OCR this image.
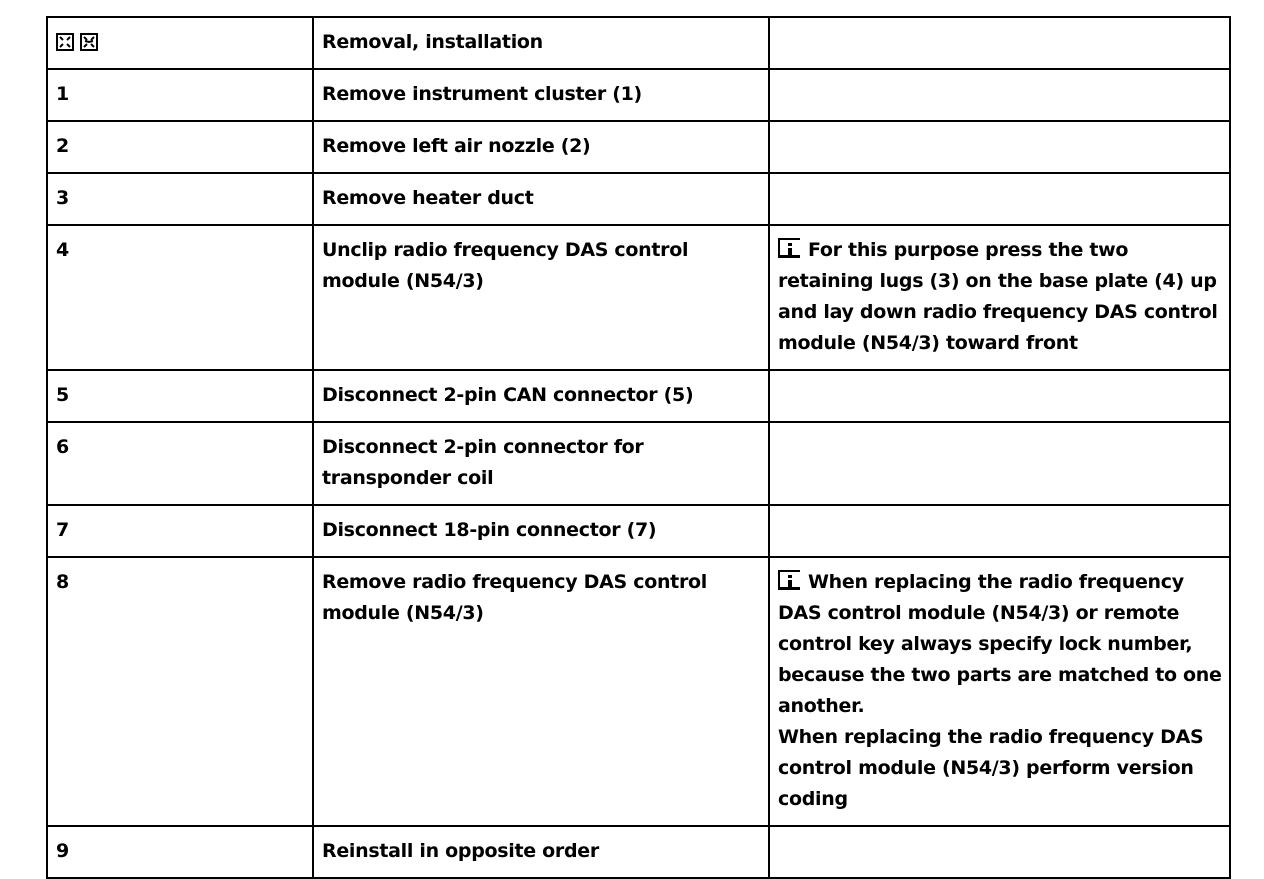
	Removal, installation	
1	Remove instrument cluster (1)	
2	Remove left air nozzle (2)	
3	Remove heater duct	
4	Unclip radio frequency DAS control module (N54/3)	For this purpose press the two retaining lugs (3) on the base plate (4) up and lay down radio frequency DAS control module (N54/3) toward front

5	Disconnect 2-pin CAN connector (5)	
6	Disconnect 2-pin connector for transponder coil	
7	Disconnect 18-pin connector (7)	
8	Remove radio frequency DAS control module (N54/3)	When replacing the radio frequency DAS control module (N54/3) or remote control key always specify lock number, because the two parts are matched to one another.
When replacing the radio frequency DAS control module (N54/3) perform version coding

9	Reinstall in opposite order	
